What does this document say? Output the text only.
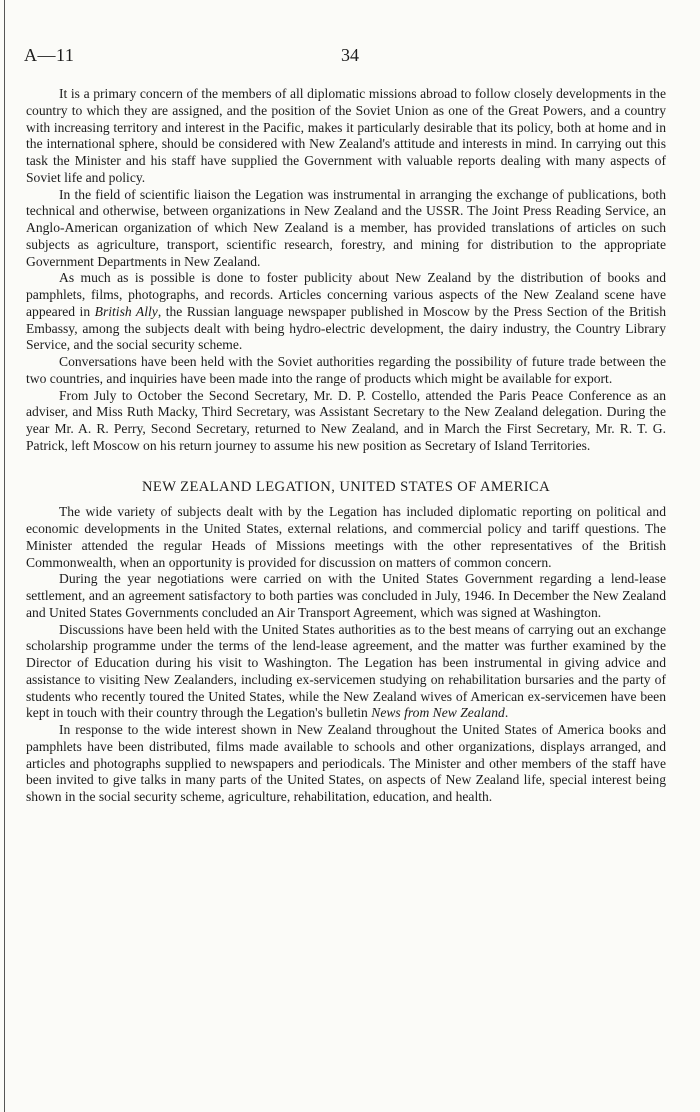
A—11	34

It is a primary concern of the members of all diplomatic missions abroad to follow closely developments in the country to which they are assigned, and the position of the Soviet Union as one of the Great Powers, and a country with increasing territory and interest in the Pacific, makes it particularly desirable that its policy, both at home and in the international sphere, should be considered with New Zealand's attitude and interests in mind. In carrying out this task the Minister and his staff have supplied the Government with valuable reports dealing with many aspects of Soviet life and policy.

In the field of scientific liaison the Legation was instrumental in arranging the exchange of publications, both technical and otherwise, between organizations in New Zealand and the USSR. The Joint Press Reading Service, an Anglo-American organization of which New Zealand is a member, has provided translations of articles on such subjects as agriculture, transport, scientific research, forestry, and mining for distribution to the appropriate Government Departments in New Zealand.

As much as is possible is done to foster publicity about New Zealand by the distribution of books and pamphlets, films, photographs, and records. Articles concerning various aspects of the New Zealand scene have appeared in British Ally, the Russian language newspaper published in Moscow by the Press Section of the British Embassy, among the subjects dealt with being hydro-electric development, the dairy industry, the Country Library Service, and the social security scheme.

Conversations have been held with the Soviet authorities regarding the possibility of future trade between the two countries, and inquiries have been made into the range of products which might be available for export.

From July to October the Second Secretary, Mr. D. P. Costello, attended the Paris Peace Conference as an adviser, and Miss Ruth Macky, Third Secretary, was Assistant Secretary to the New Zealand delegation. During the year Mr. A. R. Perry, Second Secretary, returned to New Zealand, and in March the First Secretary, Mr. R. T. G. Patrick, left Moscow on his return journey to assume his new position as Secretary of Island Territories.

NEW ZEALAND LEGATION, UNITED STATES OF AMERICA

The wide variety of subjects dealt with by the Legation has included diplomatic reporting on political and economic developments in the United States, external relations, and commercial policy and tariff questions. The Minister attended the regular Heads of Missions meetings with the other representatives of the British Commonwealth, when an opportunity is provided for discussion on matters of common concern.

During the year negotiations were carried on with the United States Government regarding a lend-lease settlement, and an agreement satisfactory to both parties was concluded in July, 1946. In December the New Zealand and United States Governments concluded an Air Transport Agreement, which was signed at Washington.

Discussions have been held with the United States authorities as to the best means of carrying out an exchange scholarship programme under the terms of the lend-lease agreement, and the matter was further examined by the Director of Education during his visit to Washington. The Legation has been instrumental in giving advice and assistance to visiting New Zealanders, including ex-servicemen studying on rehabilitation bursaries and the party of students who recently toured the United States, while the New Zealand wives of American ex-servicemen have been kept in touch with their country through the Legation's bulletin News from New Zealand.

In response to the wide interest shown in New Zealand throughout the United States of America books and pamphlets have been distributed, films made available to schools and other organizations, displays arranged, and articles and photographs supplied to newspapers and periodicals. The Minister and other members of the staff have been invited to give talks in many parts of the United States, on aspects of New Zealand life, special interest being shown in the social security scheme, agriculture, rehabilitation, education, and health.
